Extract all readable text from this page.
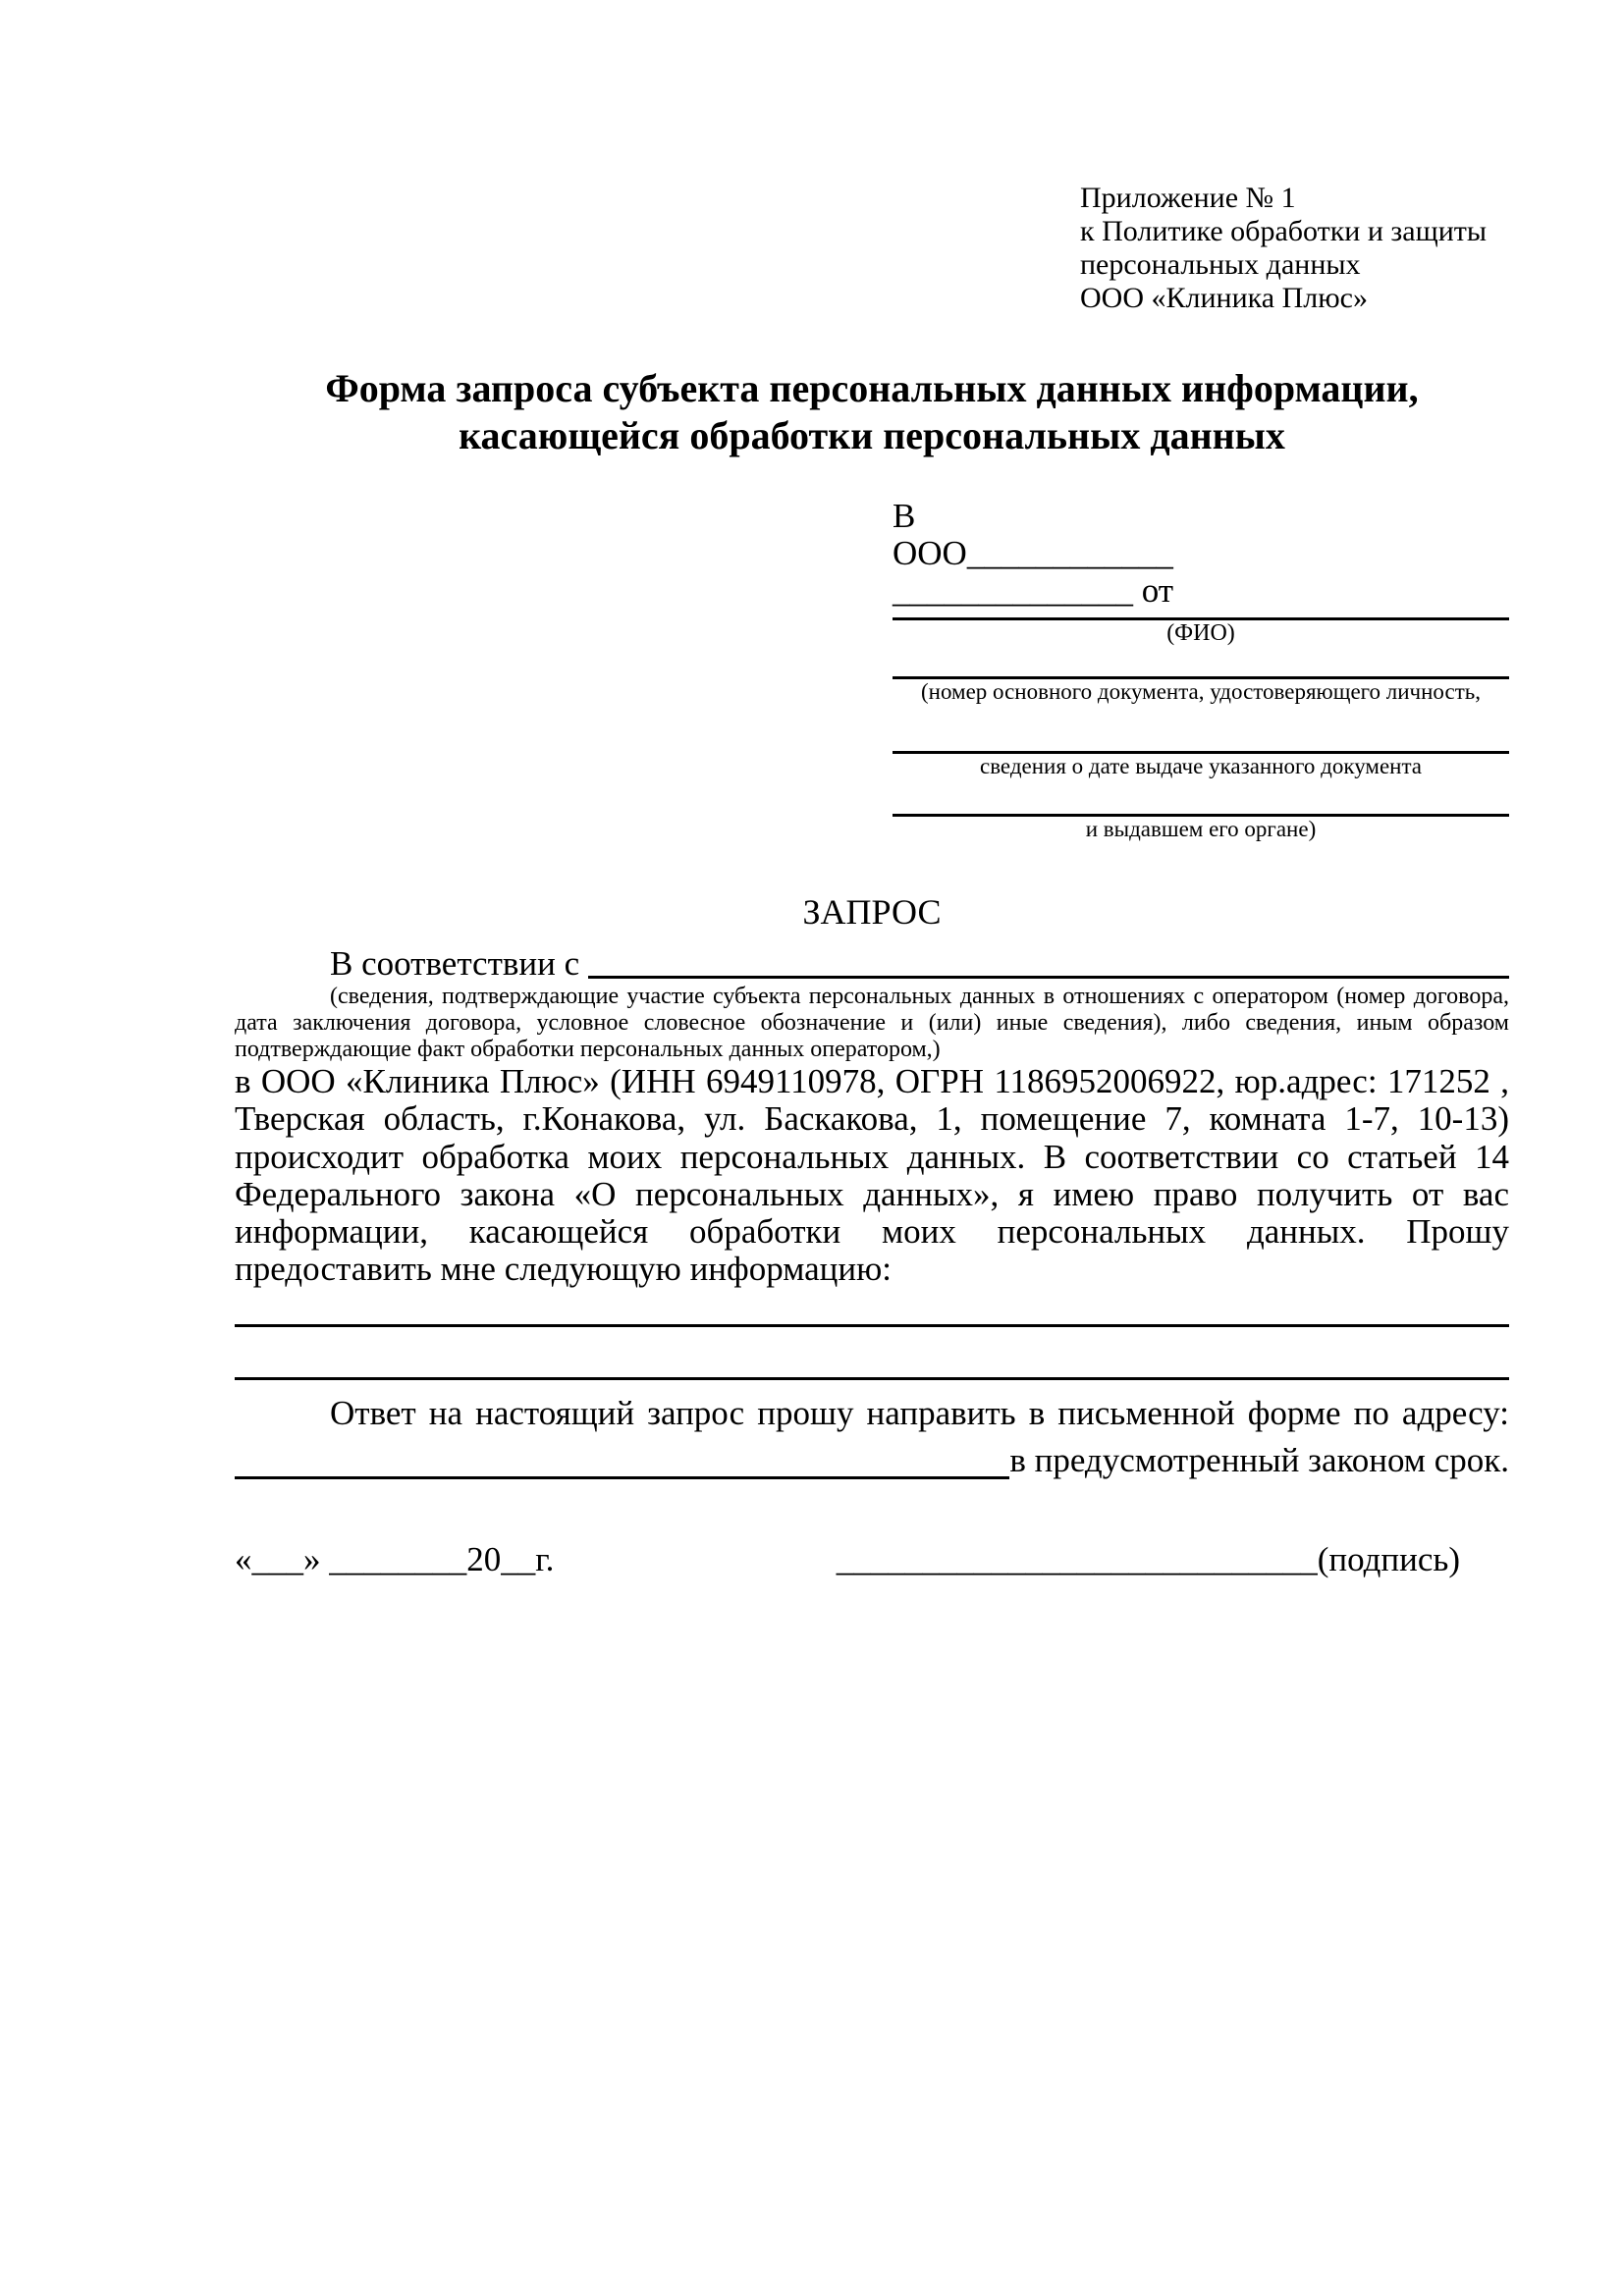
Приложение № 1
к Политике обработки и защиты
персональных данных
ООО «Клиника Плюс»
Форма запроса субъекта персональных данных информации,
касающейся обработки персональных данных
В
ООО____________
______________ от
(ФИО)
(номер основного документа, удостоверяющего личность,
сведения о дате выдаче указанного документа
и выдавшем его органе)
ЗАПРОС
В соответствии с
(сведения, подтверждающие участие субъекта персональных данных в отношениях с оператором (номер договора, дата заключения договора, условное словесное обозначение и (или) иные сведения), либо сведения, иным образом подтверждающие факт обработки персональных данных оператором,)
в ООО «Клиника Плюс» (ИНН 6949110978, ОГРН 1186952006922, юр.адрес: 171252 , Тверская область, г.Конакова, ул. Баскакова, 1, помещение 7, комната 1-7, 10-13) происходит обработка моих персональных данных. В соответствии со статьей 14 Федерального закона «О персональных данных», я имею право получить от вас информации, касающейся обработки моих персональных данных. Прошу предоставить мне следующую информацию:
Ответ на настоящий запрос прошу направить в письменной форме по адресу:
в предусмотренный законом срок.
«___» ________20__г.	____________________________(подпись)
